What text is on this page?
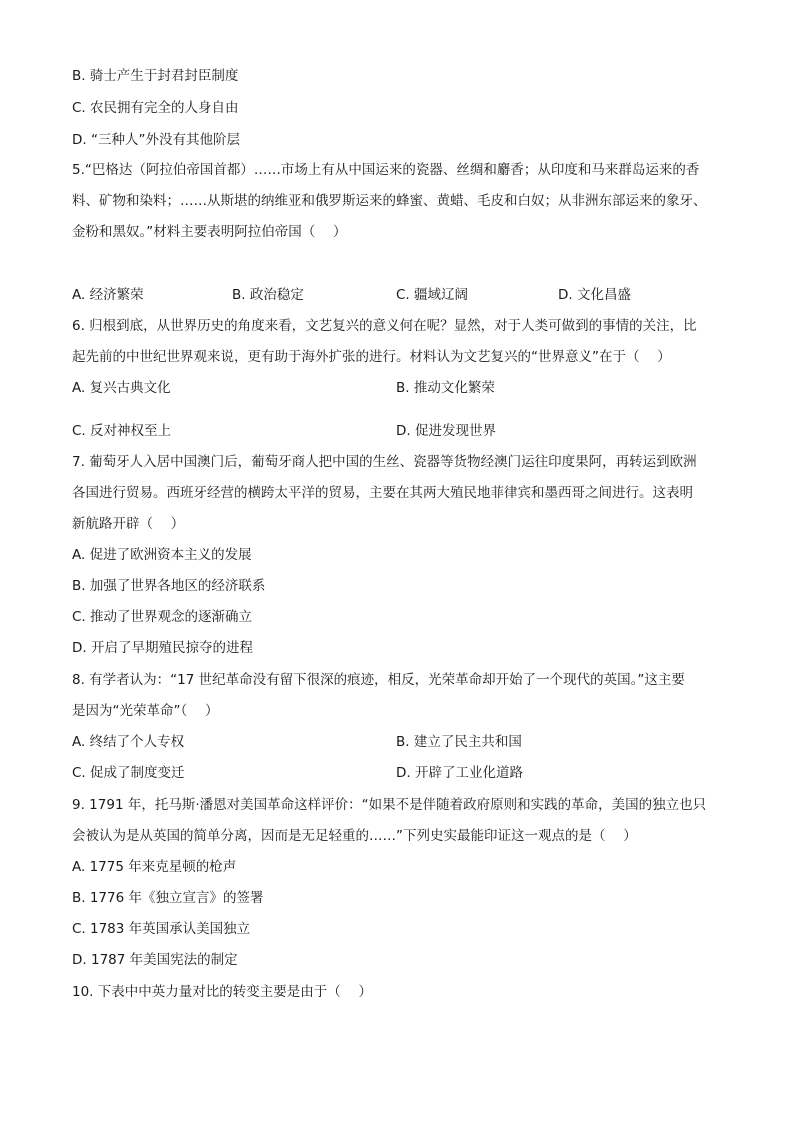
B. 骑士产生于封君封臣制度
C. 农民拥有完全的人身自由
D. “三种人”外没有其他阶层
5.“巴格达（阿拉伯帝国首都）……市场上有从中国运来的瓷器、丝绸和麝香；从印度和马来群岛运来的香
料、矿物和染料；……从斯堪的纳维亚和俄罗斯运来的蜂蜜、黄蜡、毛皮和白奴；从非洲东部运来的象牙、
金粉和黑奴。”材料主要表明阿拉伯帝国（　 ）
A. 经济繁荣	B. 政治稳定	C. 疆域辽阔	D. 文化昌盛
6. 归根到底，从世界历史的角度来看，文艺复兴的意义何在呢？显然，对于人类可做到的事情的关注，比
起先前的中世纪世界观来说，更有助于海外扩张的进行。材料认为文艺复兴的“世界意义”在于（　 ）
A. 复兴古典文化	B. 推动文化繁荣
C. 反对神权至上	D. 促进发现世界
7. 葡萄牙人入居中国澳门后，葡萄牙商人把中国的生丝、瓷器等货物经澳门运往印度果阿，再转运到欧洲
各国进行贸易。西班牙经营的横跨太平洋的贸易，主要在其两大殖民地菲律宾和墨西哥之间进行。这表明
新航路开辟（　 ）
A. 促进了欧洲资本主义的发展
B. 加强了世界各地区的经济联系
C. 推动了世界观念的逐渐确立
D. 开启了早期殖民掠夺的进程
8. 有学者认为：“17 世纪革命没有留下很深的痕迹，相反，光荣革命却开始了一个现代的英国。”这主要
是因为“光荣革命”（　 ）
A. 终结了个人专权	B. 建立了民主共和国
C. 促成了制度变迁	D. 开辟了工业化道路
9. 1791 年，托马斯·潘恩对美国革命这样评价：“如果不是伴随着政府原则和实践的革命，美国的独立也只
会被认为是从英国的简单分离，因而是无足轻重的……”下列史实最能印证这一观点的是（　 ）
A. 1775 年来克星顿的枪声
B. 1776 年《独立宣言》的签署
C. 1783 年英国承认美国独立
D. 1787 年美国宪法的制定
10. 下表中中英力量对比的转变主要是由于（　 ）
